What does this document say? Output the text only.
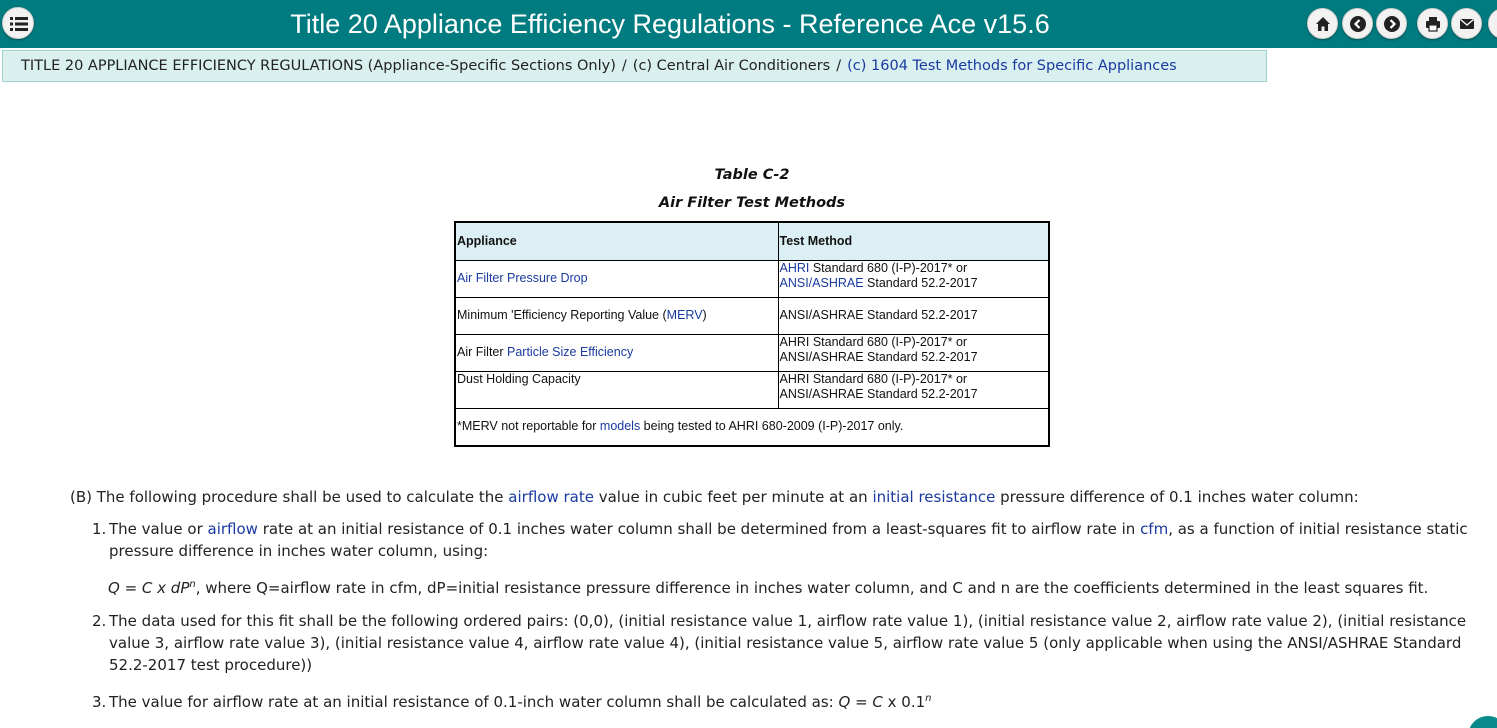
Title 20 Appliance Efficiency Regulations - Reference Ace v15.6
TITLE 20 APPLIANCE EFFICIENCY REGULATIONS (Appliance-Specific Sections Only) / (c) Central Air Conditioners / (c) 1604 Test Methods for Specific Appliances
Table C-2
Air Filter Test Methods
Appliance	Test Method
Air Filter Pressure Drop	AHRI Standard 680 (I-P)-2017* or
ANSI/ASHRAE Standard 52.2-2017
Minimum 'Efficiency Reporting Value (MERV)	ANSI/ASHRAE Standard 52.2-2017
Air Filter Particle Size Efficiency	AHRI Standard 680 (I-P)-2017* or
ANSI/ASHRAE Standard 52.2-2017
Dust Holding Capacity	AHRI Standard 680 (I-P)-2017* or
ANSI/ASHRAE Standard 52.2-2017
*MERV not reportable for models being tested to AHRI 680-2009 (I-P)-2017 only.	
(B) The following procedure shall be used to calculate the airflow rate value in cubic feet per minute at an initial resistance pressure difference of 0.1 inches water column:
1. The value or airflow rate at an initial resistance of 0.1 inches water column shall be determined from a least-squares fit to airflow rate in cfm, as a function of initial resistance static pressure difference in inches water column, using:
Q = C x $dP^n$, where Q=airflow rate in cfm, dP=initial resistance pressure difference in inches water column, and C and n are the coefficients determined in the least squares fit.
2. The data used for this fit shall be the following ordered pairs: (0,0), (initial resistance value 1, airflow rate value 1), (initial resistance value 2, airflow rate value 2), (initial resistance value 3, airflow rate value 3), (initial resistance value 4, airflow rate value 4), (initial resistance value 5, airflow rate value 5 (only applicable when using the ANSI/ASHRAE Standard 52.2-2017 test procedure))
3. The value for airflow rate at an initial resistance of 0.1-inch water column shall be calculated as: Q = C x 0.1$^n$
